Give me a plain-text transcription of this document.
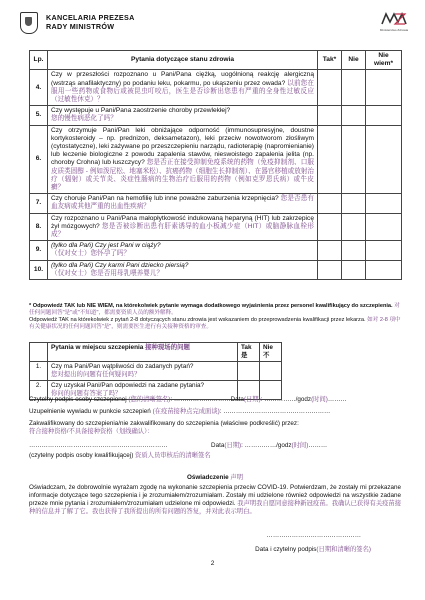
KANCELARIA PREZESA
RADY MINISTRÓW	Ministerstwo Zdrowia
Lp.	Pytania dotyczące stanu zdrowia	Tak*	Nie	Nie wiem*
4.	Czy w przeszłości rozpoznano u Pani/Pana ciężką, uogólnioną reakcję alergiczną (wstrząs anafilaktyczny) po podaniu leku, pokarmu, po ukąszeniu przez owada? 以前您在服用一些药物或食物后或被昆虫叮咬后，医生是否诊断出您患有严重的全身性过敏反应（过敏性休克）？			
5.	Czy występuje u Pani/Pana zaostrzenie choroby przewlekłej?
您的慢性病恶化了吗？			
6.	Czy otrzymuje Pani/Pan leki obniżające odporność (immunosupresyjne, doustne kortykosteroidy – np. prednizon, deksametazon), leki przeciw nowotworom złośliwym (cytostatyczne), leki zażywane po przeszczepieniu narządu, radioterapię (napromienianie) lub leczenie biologiczne z powodu zapalenia stawów, nieswoistego zapalenia jelita (np. choroby Crohna) lub łuszczycy? 您是否正在接受抑制免疫系统的药物（免疫抑制剂、口服皮质类固醇 - 例如泼尼松、地塞米松）、抗癌药物（细胞生长抑制剂）、在器官移植或放射治疗（辐射）或关节炎、炎症性肠病的生物治疗后服用的药物（例如克罗恩氏病）或牛皮癣？			
7.	Czy choruje Pani/Pan na hemofilię lub inne poważne zaburzenia krzepnięcia? 您是否患有血友病或其他严重的出血性疾病？			
8.	Czy rozpoznano u Pani/Pana małopłytkowość indukowaną heparyną (HIT) lub zakrzepicę żył mózgowych? 您是否被诊断出患有肝素诱导的血小板减少症（HIT）或脑静脉血栓形成？			
9.	(tylko dla Pań) Czy jest Pani w ciąży?
（仅对女士）您怀孕了吗？			
10.	(tylko dla Pań) Czy karmi Pani dziecko piersią?
（仅对女士）您是否用母乳喂养婴儿？			
* Odpowiedź TAK lub NIE WIEM, na którekolwiek pytanie wymaga dodatkowego wyjaśnienia przez personel kwalifikujący do szczepienia. 对任何问题回答"是"或"不知道"，都需要资质人员的额外解释。
Odpowiedź TAK na którekolwiek z pytań 2-8 dotyczących stanu zdrowia jest wskazaniem do przeprowadzenia kwalifikacji przez lekarza. 如对 2-8 项中有关健康状况的任何问题回答"是"，则需要医生进行有关接种资格的审查。
	Pytania w miejscu szczepienia 接种现场的问题	Tak是	Nie不
1.	Czy ma Pani/Pan wątpliwości do zadanych pytań?
您对提出的问题有任何疑问吗？		
2.	Czy uzyskał Pani/Pan odpowiedzi na zadane pytania?
你问的问题有答案了吗？		
Czytelny podpis osoby szczepionej (您的清晰签名): ………………………Data(日期): ……………/godz(时间)………
Uzupełnienie wywiadu w punkcie szczepień (在疫苗接种点完成面谈): ……………………………………………
Zakwalifikowany do szczepienia/nie zakwalifikowany do szczepienia (właściwe podkreślić) przez:
符合接种资格/不具备接种资格（划线确认）：
…………………………………………………………	Data(日期): ……………/godz(时间)………
(czytelny podpis osoby kwalifikującej) 资质人员审核后的清晰签名
Oświadczenie 声明
Oświadczam, że dobrowolnie wyrażam zgodę na wykonanie szczepienia przeciw COVID-19. Potwierdzam, że zostały mi przekazane informacje dotyczące tego szczepienia i je zrozumiałem/zrozumiałam. Zostały mi udzielone również odpowiedzi na wszystkie zadane przeze mnie pytania i zrozumiałem/zrozumiałam udzielone mi odpowiedzi. 我声明我自愿同意接种新冠疫苗。我确认已获得有关疫苗接种的信息并了解了它。我也获得了我所提出的所有问题的答复，并对此表示明白。
………………………………………
Data i czytelny podpis(日期和清晰的签名)
2
